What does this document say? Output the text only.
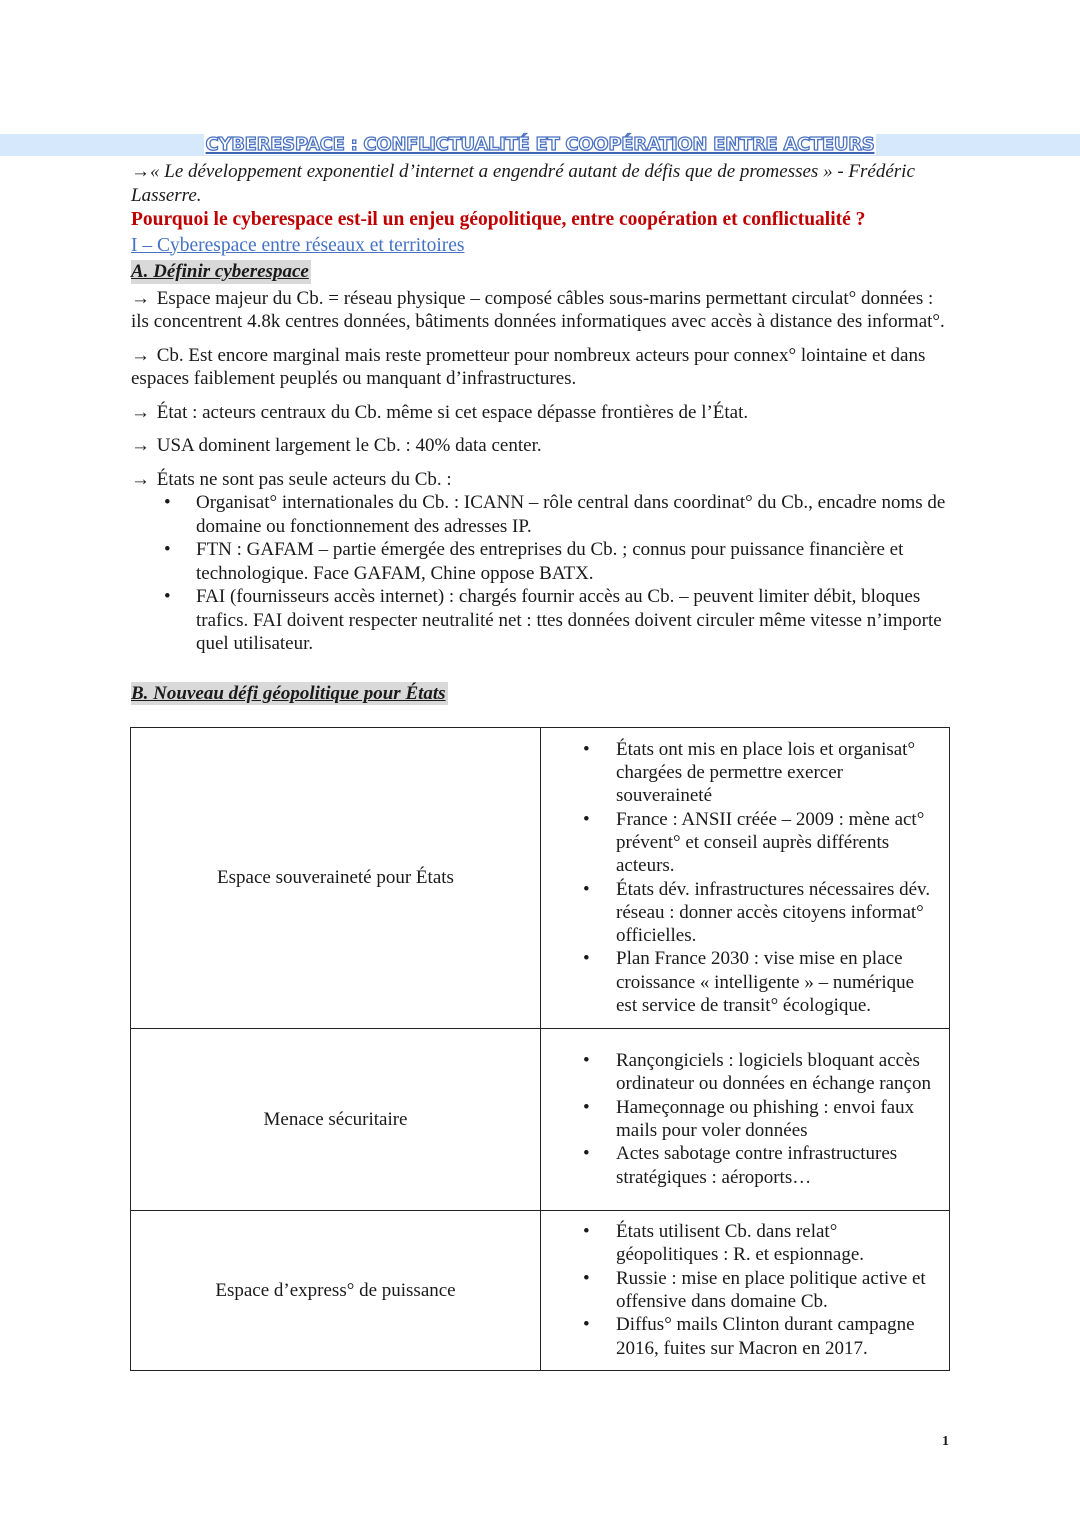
CYBERESPACE : CONFLICTUALITÉ ET COOPÉRATION ENTRE ACTEURS

→« Le développement exponentiel d’internet a engendré autant de défis que de promesses » - Frédéric Lasserre.

Pourquoi le cyberespace est-il un enjeu géopolitique, entre coopération et conflictualité ?

I – Cyberespace entre réseaux et territoires

A. Définir cyberespace

→ Espace majeur du Cb. = réseau physique – composé câbles sous-marins permettant circulat° données : ils concentrent 4.8k centres données, bâtiments données informatiques avec accès à distance des informat°.

→ Cb. Est encore marginal mais reste prometteur pour nombreux acteurs pour connex° lointaine et dans espaces faiblement peuplés ou manquant d’infrastructures.

→ État : acteurs centraux du Cb. même si cet espace dépasse frontières de l’État.

→ USA dominent largement le Cb. : 40% data center.

→ États ne sont pas seule acteurs du Cb. :

• Organisat° internationales du Cb. : ICANN – rôle central dans coordinat° du Cb., encadre noms de domaine ou fonctionnement des adresses IP.
• FTN : GAFAM – partie émergée des entreprises du Cb. ; connus pour puissance financière et technologique. Face GAFAM, Chine oppose BATX.
• FAI (fournisseurs accès internet) : chargés fournir accès au Cb. – peuvent limiter débit, bloques trafics. FAI doivent respecter neutralité net : ttes données doivent circuler même vitesse n’importe quel utilisateur.
B. Nouveau défi géopolitique pour États
Espace souveraineté pour États	
• États ont mis en place lois et organisat° chargées de permettre exercer souveraineté
• France : ANSII créée – 2009 : mène act° prévent° et conseil auprès différents acteurs.
• États dév. infrastructures nécessaires dév. réseau : donner accès citoyens informat° officielles.
• Plan France 2030 : vise mise en place croissance « intelligente » – numérique est service de transit° écologique.

Menace sécuritaire	
• Rançongiciels : logiciels bloquant accès ordinateur ou données en échange rançon
• Hameçonnage ou phishing : envoi faux mails pour voler données
• Actes sabotage contre infrastructures stratégiques : aéroports…

Espace d’express° de puissance	
• États utilisent Cb. dans relat° géopolitiques : R. et espionnage.
• Russie : mise en place politique active et offensive dans domaine Cb.
• Diffus° mails Clinton durant campagne 2016, fuites sur Macron en 2017.
1
